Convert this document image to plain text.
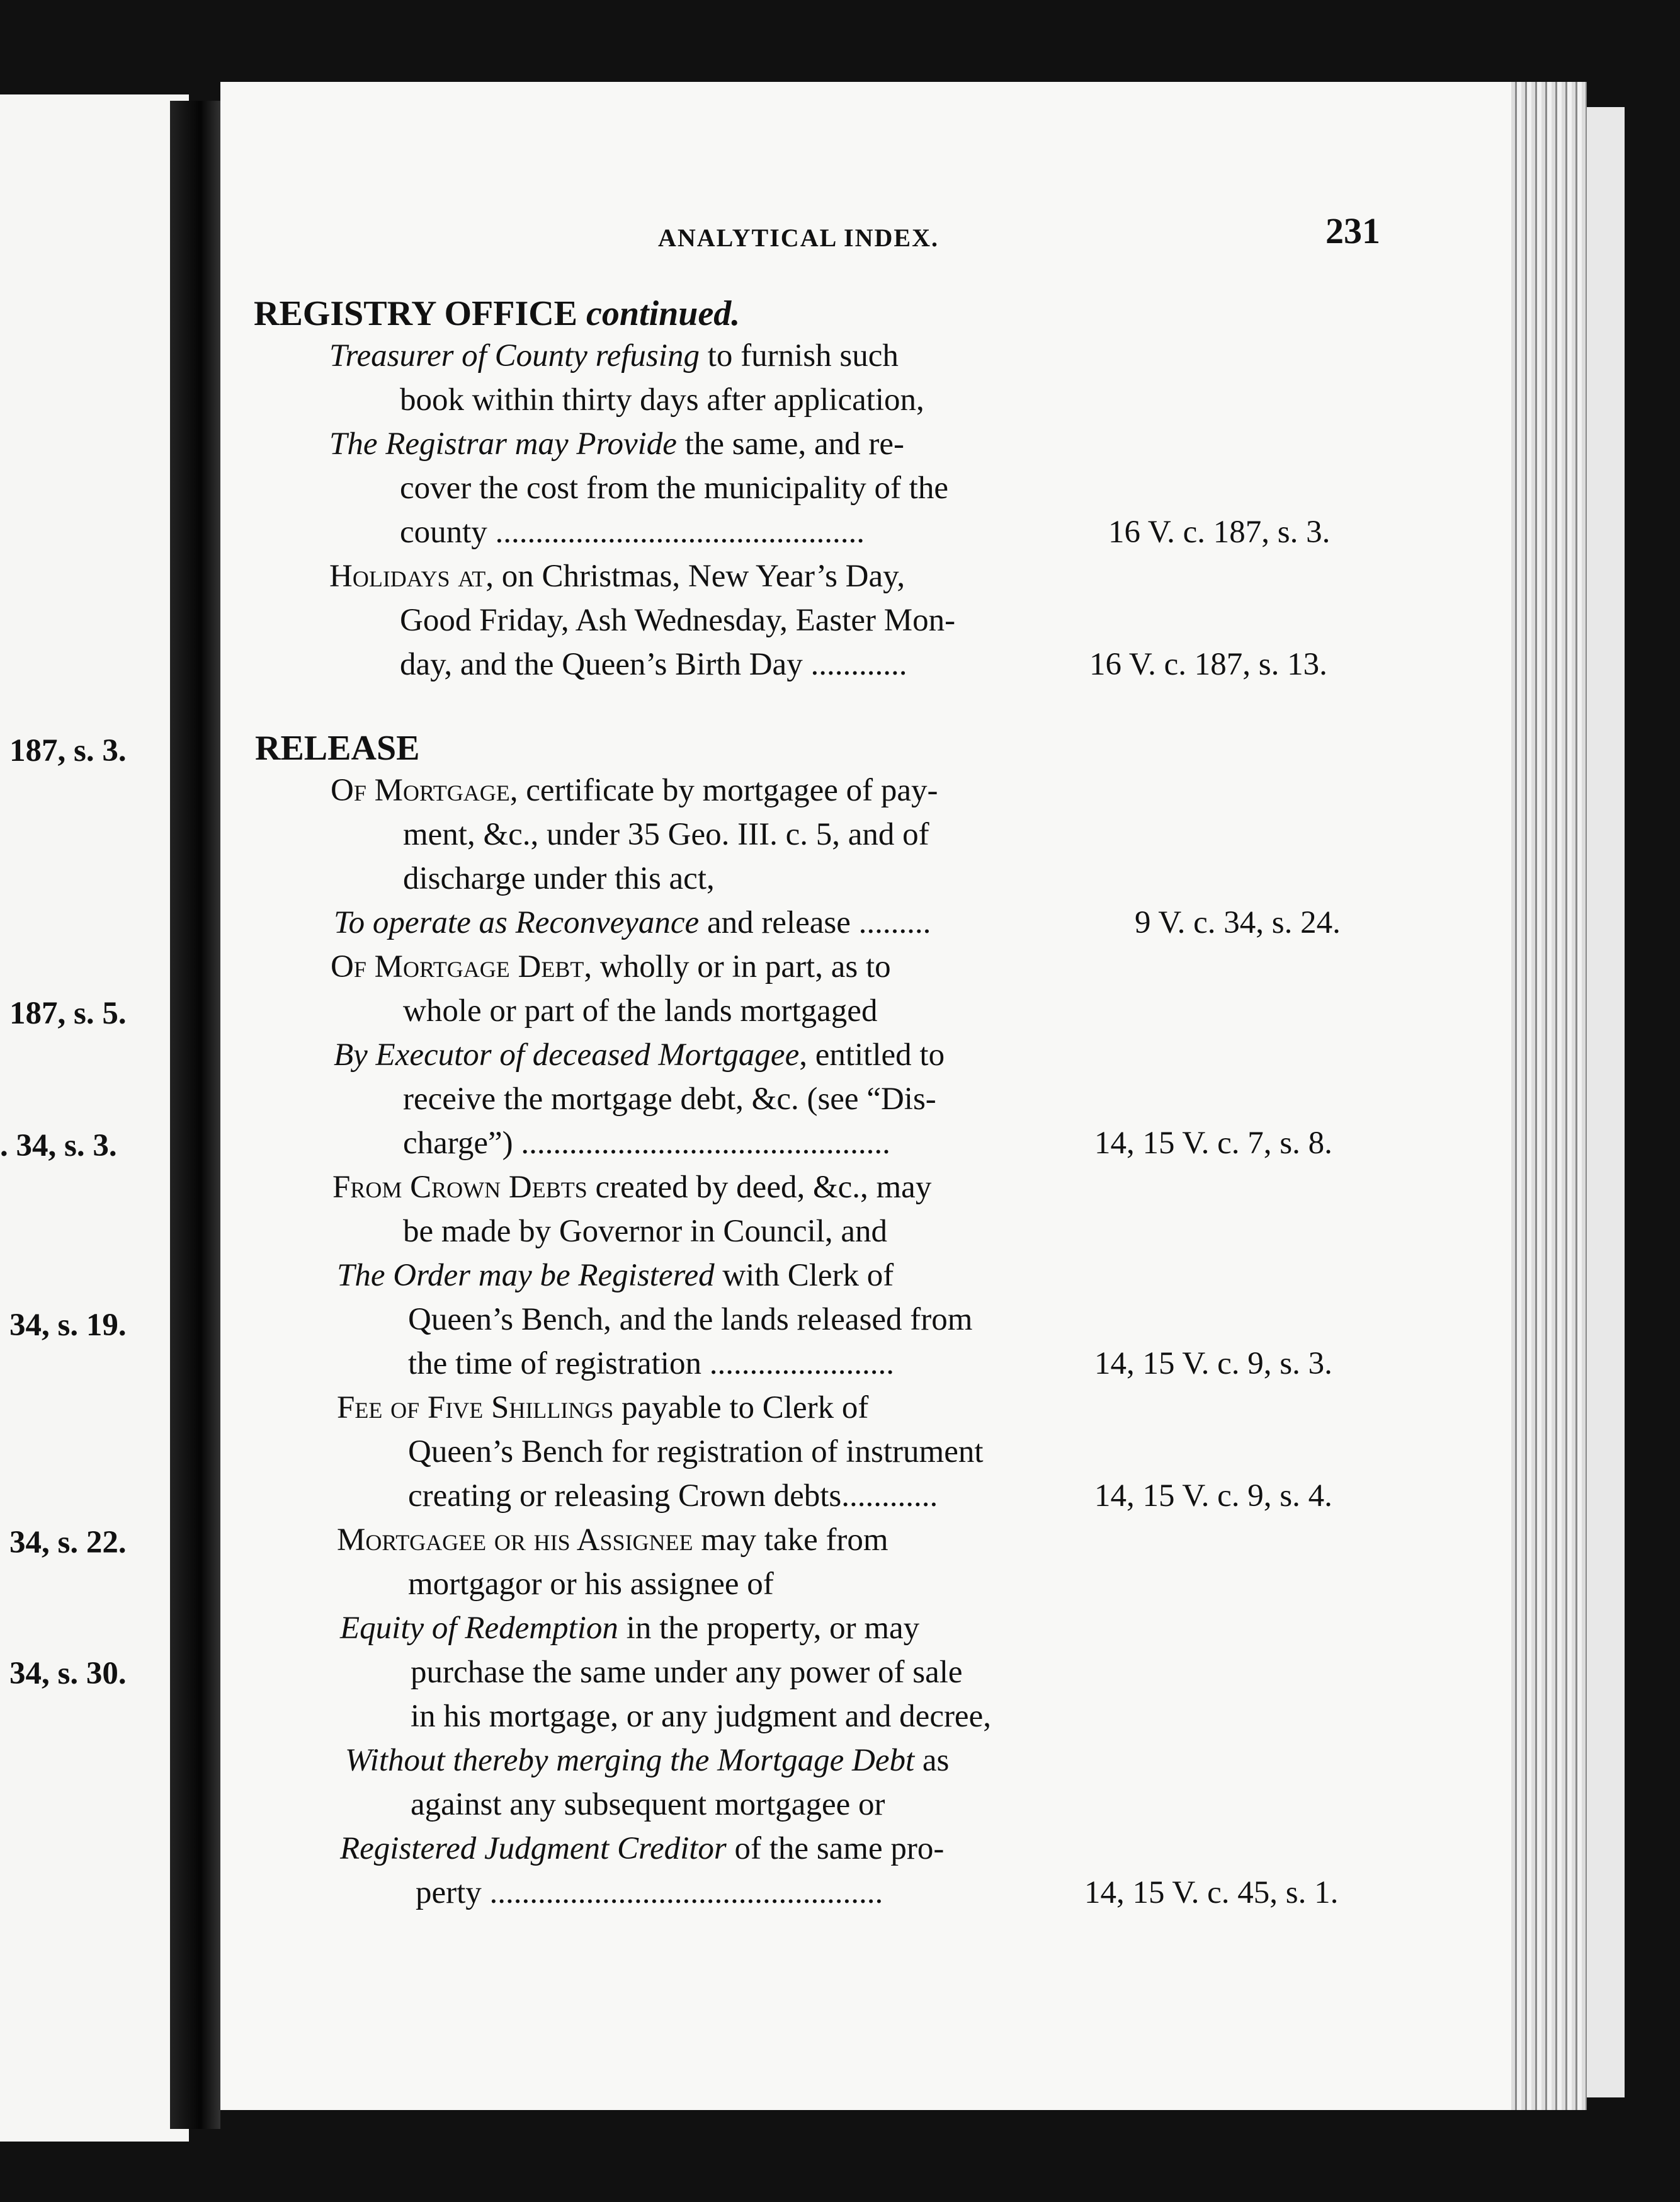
ANALYTICAL INDEX.	231
187, s. 3.
187, s. 5.
. 34, s. 3.
34, s. 19.
34, s. 22.
34, s. 30.
REGISTRY OFFICE continued.
Treasurer of County refusing to furnish such
book within thirty days after application,
The Registrar may Provide the same, and re-
cover the cost from the municipality of the
county ..............................................	16 V. c. 187, s. 3.
Holidays at, on Christmas, New Year’s Day,
Good Friday, Ash Wednesday, Easter Mon-
day, and the Queen’s Birth Day ............	16 V. c. 187, s. 13.
RELEASE
Of Mortgage, certificate by mortgagee of pay-
ment, &c., under 35 Geo. III. c. 5, and of
discharge under this act,
To operate as Reconveyance and release .........	9 V. c. 34, s. 24.
Of Mortgage Debt, wholly or in part, as to
whole or part of the lands mortgaged
By Executor of deceased Mortgagee, entitled to
receive the mortgage debt, &c. (see “Dis-
charge”) ..............................................	14, 15 V. c. 7, s. 8.
From Crown Debts created by deed, &c., may
be made by Governor in Council, and
The Order may be Registered with Clerk of
Queen’s Bench, and the lands released from
the time of registration .......................	14, 15 V. c. 9, s. 3.
Fee of Five Shillings payable to Clerk of
Queen’s Bench for registration of instrument
creating or releasing Crown debts............	14, 15 V. c. 9, s. 4.
Mortgagee or his Assignee may take from
mortgagor or his assignee of
Equity of Redemption in the property, or may
purchase the same under any power of sale
in his mortgage, or any judgment and decree,
Without thereby merging the Mortgage Debt as
against any subsequent mortgagee or
Registered Judgment Creditor of the same pro-
perty .................................................	14, 15 V. c. 45, s. 1.
